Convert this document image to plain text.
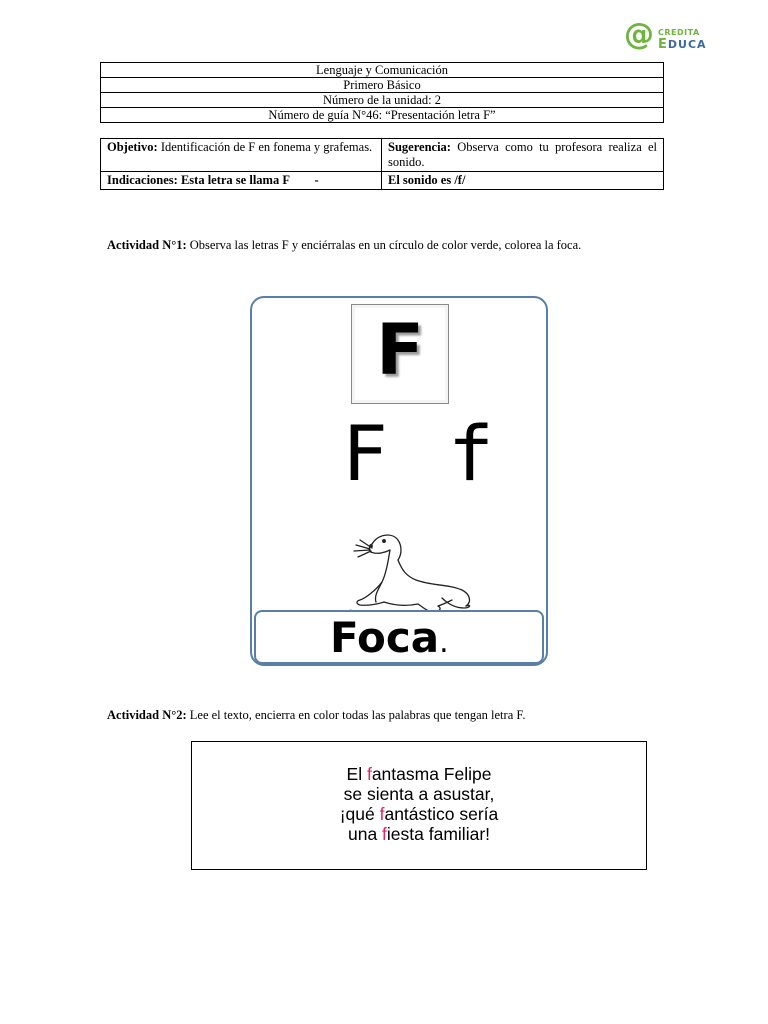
@ CREDITA
EDUCA
Lenguaje y Comunicación
Primero Básico
Número de la unidad: 2
Número de guía N°46: “Presentación letra F”
Objetivo: Identificación de F en fonema y grafemas.	Sugerencia: Observa como tu profesora realiza el sonido.
Indicaciones: Esta letra se llama F        -	El sonido es /f/
Actividad N°1: Observa las letras F y enciérralas en un círculo de color verde, colorea la foca.
F
F f
Foca.
Actividad N°2: Lee el texto, encierra en color todas las palabras que tengan letra F.
El fantasma Felipe
se sienta a asustar,
¡qué fantástico sería
una fiesta familiar!
